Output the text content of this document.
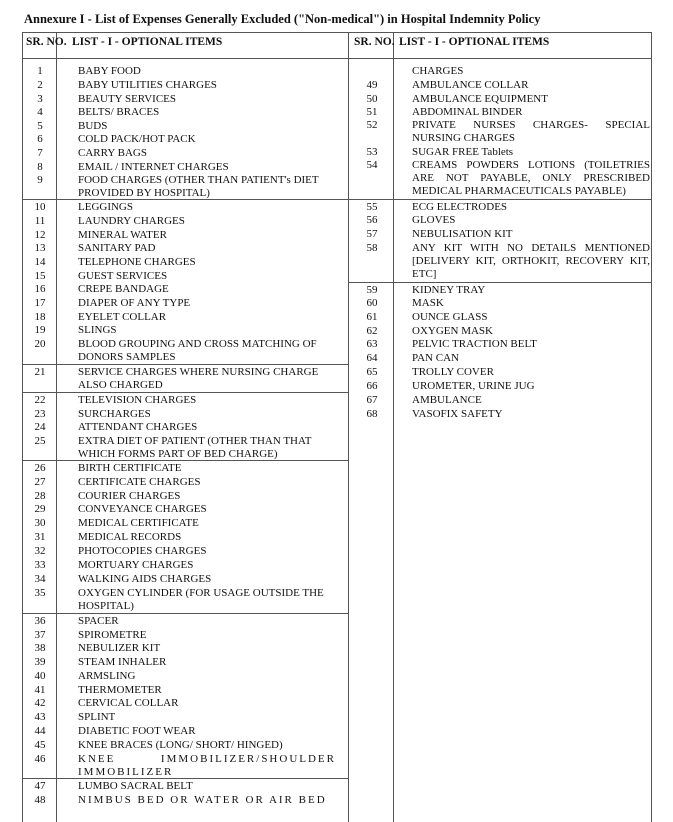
Annexure I - List of Expenses Generally Excluded ("Non-medical") in Hospital Indemnity Policy
SR. NO. LIST - I - OPTIONAL ITEMS	SR. NO. LIST - I - OPTIONAL ITEMS
1	BABY FOOD
2	BABY UTILITIES CHARGES
3	BEAUTY SERVICES
4	BELTS/ BRACES
5	BUDS
6	COLD PACK/HOT PACK
7	CARRY BAGS
8	EMAIL / INTERNET CHARGES
9	FOOD CHARGES (OTHER THAN PATIENT's DIET PROVIDED BY HOSPITAL)
10	LEGGINGS
11	LAUNDRY CHARGES
12	MINERAL WATER
13	SANITARY PAD
14	TELEPHONE CHARGES
15	GUEST SERVICES
16	CREPE BANDAGE
17	DIAPER OF ANY TYPE
18	EYELET COLLAR
19	SLINGS
20	BLOOD GROUPING AND CROSS MATCHING OF DONORS SAMPLES
21	SERVICE CHARGES WHERE NURSING CHARGE ALSO CHARGED
22	TELEVISION CHARGES
23	SURCHARGES
24	ATTENDANT CHARGES
25	EXTRA DIET OF PATIENT (OTHER THAN THAT WHICH FORMS PART OF BED CHARGE)
26	BIRTH CERTIFICATE
27	CERTIFICATE CHARGES
28	COURIER CHARGES
29	CONVEYANCE CHARGES
30	MEDICAL CERTIFICATE
31	MEDICAL RECORDS
32	PHOTOCOPIES CHARGES
33	MORTUARY CHARGES
34	WALKING AIDS CHARGES
35	OXYGEN CYLINDER (FOR USAGE OUTSIDE THE HOSPITAL)
36	SPACER
37	SPIROMETRE
38	NEBULIZER KIT
39	STEAM INHALER
40	ARMSLING
41	THERMOMETER
42	CERVICAL COLLAR
43	SPLINT
44	DIABETIC FOOT WEAR
45	KNEE BRACES (LONG/ SHORT/ HINGED)
46	KNEE IMMOBILIZER/SHOULDER IMMOBILIZER
47	LUMBO SACRAL BELT
48	NIMBUS BED OR WATER OR AIR BED
CHARGES
49	AMBULANCE COLLAR
50	AMBULANCE EQUIPMENT
51	ABDOMINAL BINDER
52	PRIVATE NURSES CHARGES- SPECIAL NURSING CHARGES
53	SUGAR FREE Tablets
54	CREAMS POWDERS LOTIONS (TOILETRIES ARE NOT PAYABLE, ONLY PRESCRIBED MEDICAL PHARMACEUTICALS PAYABLE)
55	ECG ELECTRODES
56	GLOVES
57	NEBULISATION KIT
58	ANY KIT WITH NO DETAILS MENTIONED [DELIVERY KIT, ORTHOKIT, RECOVERY KIT, ETC]
59	KIDNEY TRAY
60	MASK
61	OUNCE GLASS
62	OXYGEN MASK
63	PELVIC TRACTION BELT
64	PAN CAN
65	TROLLY COVER
66	UROMETER, URINE JUG
67	AMBULANCE
68	VASOFIX SAFETY
